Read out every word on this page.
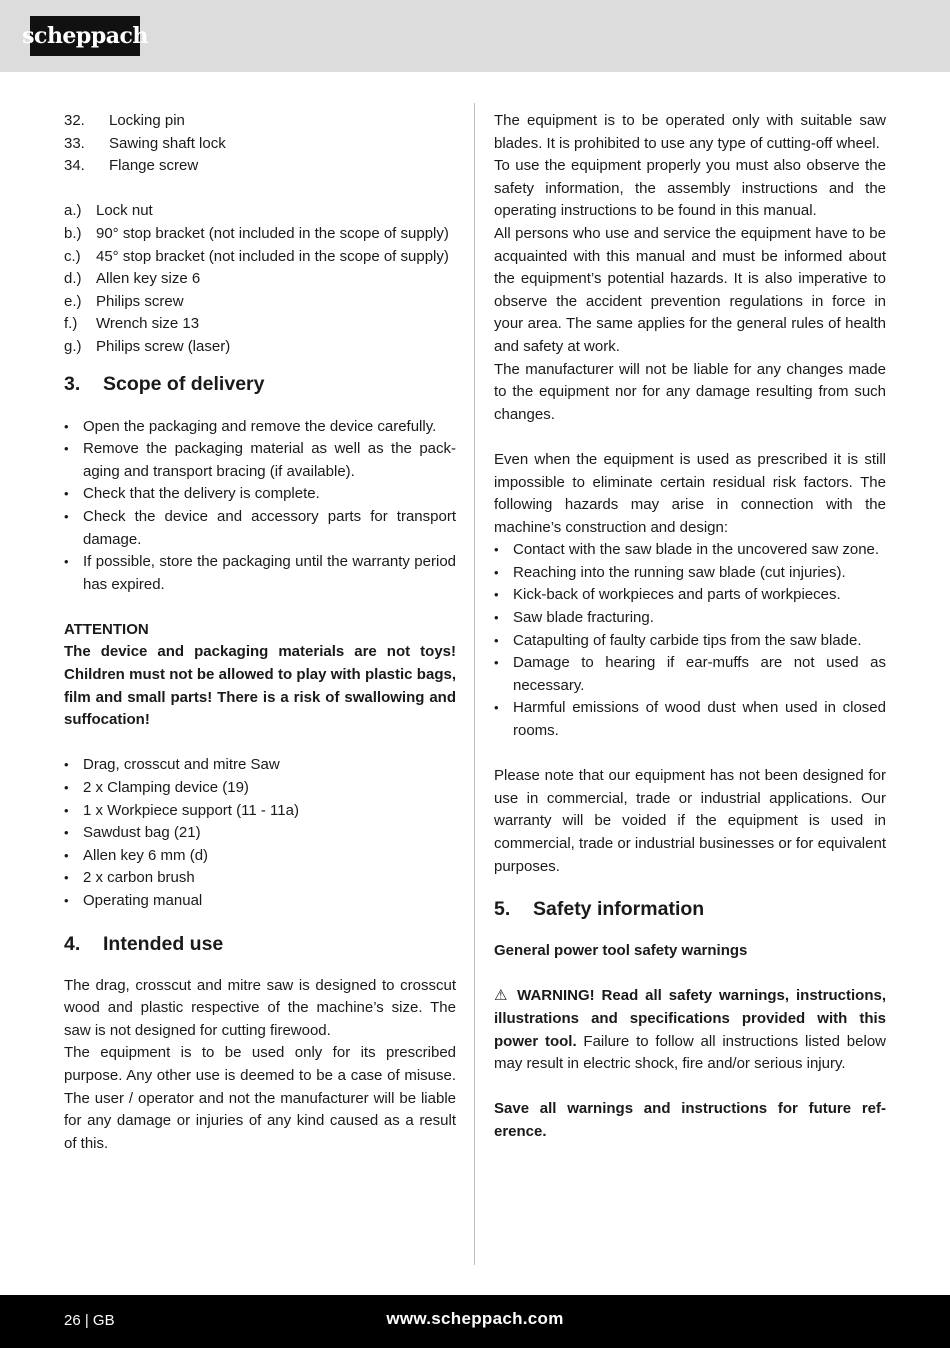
scheppach
32.	Locking pin
33.	Sawing shaft lock
34.	Flange screw
a.) Lock nut
b.) 90° stop bracket (not included in the scope of supply)
c.)	45° stop bracket (not included in the scope of supply)
d.) Allen key size 6
e.) Philips screw
f.)	Wrench size 13
g.) Philips screw (laser)
3.	Scope of delivery
• Open the packaging and remove the device carefully.
• Remove the packaging material as well as the packaging and transport bracing (if available).
• Check that the delivery is complete.
• Check the device and accessory parts for transport damage.
• If possible, store the packaging until the warranty period has expired.

ATTENTION

The device and packaging materials are not toys! Children must not be allowed to play with plastic bags, film and small parts! There is a risk of swallowing and suffocation!

• Drag, crosscut and mitre Saw
• 2 x Clamping device (19)
• 1 x Workpiece support (11 - 11a)
• Sawdust bag (21)
• Allen key 6 mm (d)
• 2 x carbon brush
• Operating manual
4.	Intended use

The drag, crosscut and mitre saw is designed to crosscut wood and plastic respective of the machine’s size. The saw is not designed for cutting firewood.

The equipment is to be used only for its prescribed purpose. Any other use is deemed to be a case of misuse. The user / operator and not the manufacturer will be liable for any damage or injuries of any kind caused as a result of this.

The equipment is to be operated only with suitable saw blades. It is prohibited to use any type of cutting-off wheel.

To use the equipment properly you must also observe the safety information, the assembly instructions and the operating instructions to be found in this manual.

All persons who use and service the equipment have to be acquainted with this manual and must be informed about the equipment’s potential hazards. It is also imperative to observe the accident prevention regulations in force in your area. The same applies for the general rules of health and safety at work.

The manufacturer will not be liable for any changes made to the equipment nor for any damage resulting from such changes.

Even when the equipment is used as prescribed it is still impossible to eliminate certain residual risk factors. The following hazards may arise in connection with the machine’s construction and design:

• Contact with the saw blade in the uncovered saw zone.
• Reaching into the running saw blade (cut injuries).
• Kick-back of workpieces and parts of workpieces.
• Saw blade fracturing.
• Catapulting of faulty carbide tips from the saw blade.
• Damage to hearing if ear-muffs are not used as necessary.
• Harmful emissions of wood dust when used in closed rooms.

Please note that our equipment has not been designed for use in commercial, trade or industrial applications. Our warranty will be voided if the equipment is used in commercial, trade or industrial businesses or for equivalent purposes.

5.	Safety information

General power tool safety warnings

⚠ WARNING! Read all safety warnings, instructions, illustrations and specifications provided with this power tool. Failure to follow all instructions listed below may result in electric shock, fire and/or serious injury.

Save all warnings and instructions for future reference.

26 | GB	www.scheppach.com
